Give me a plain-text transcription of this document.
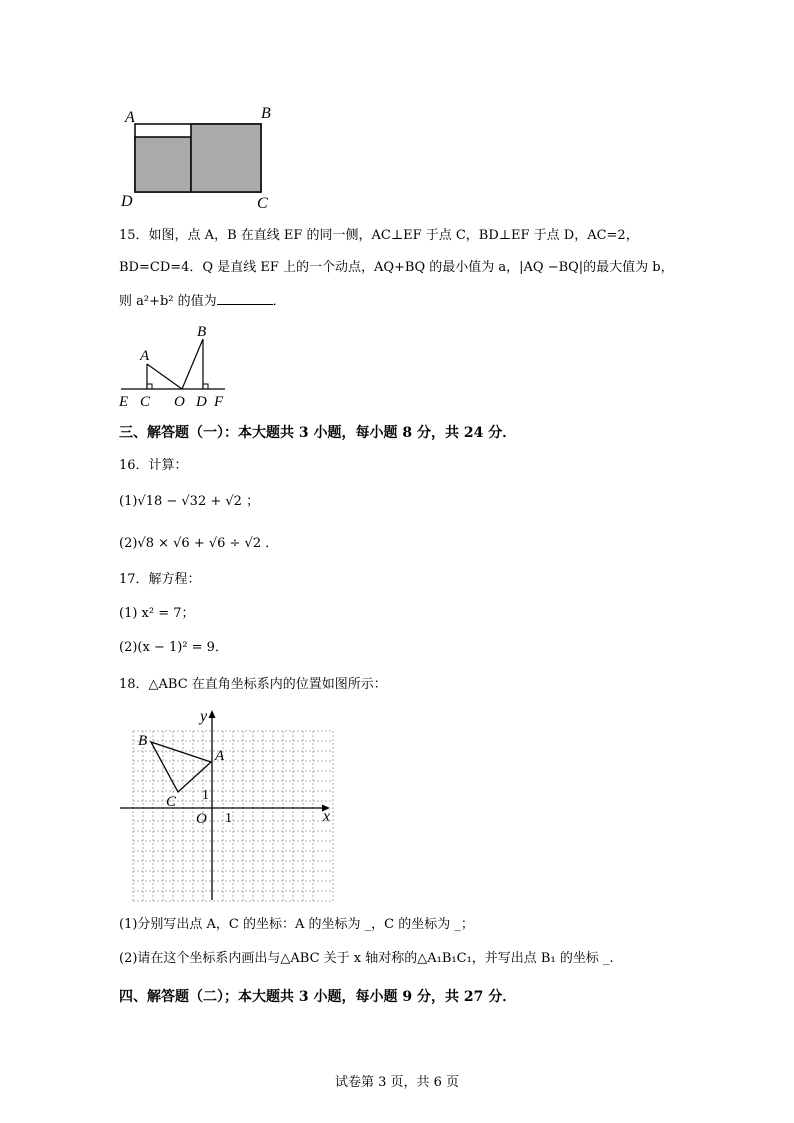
A	B
D	C
15．如图，点 A，B 在直线 EF 的同一侧，AC⊥EF 于点 C，BD⊥EF 于点 D，AC=2，
BD=CD=4．Q 是直线 EF 上的一个动点，AQ+BQ 的最小值为 a，|AQ −BQ|的最大值为 b，
则 a²+b² 的值为	．
A
B
E C O D F
三、解答题（一）：本大题共 3 小题，每小题 8 分，共 24 分．
16．计算：
(1)√18 − √32 + √2 ；
(2)√8 × √6 + √6 ÷ √2 ．
17．解方程：
(1) x² = 7；
(2)(x − 1)² = 9．
18．△ABC 在直角坐标系内的位置如图所示：
y
x
B
A
C
O 1
1
(1)分别写出点 A，C 的坐标：A 的坐标为 _，C 的坐标为 _；
(2)请在这个坐标系内画出与△ABC 关于 x 轴对称的△A₁B₁C₁，并写出点 B₁ 的坐标 _.
四、解答题（二）；本大题共 3 小题，每小题 9 分，共 27 分．
试卷第 3 页，共 6 页
